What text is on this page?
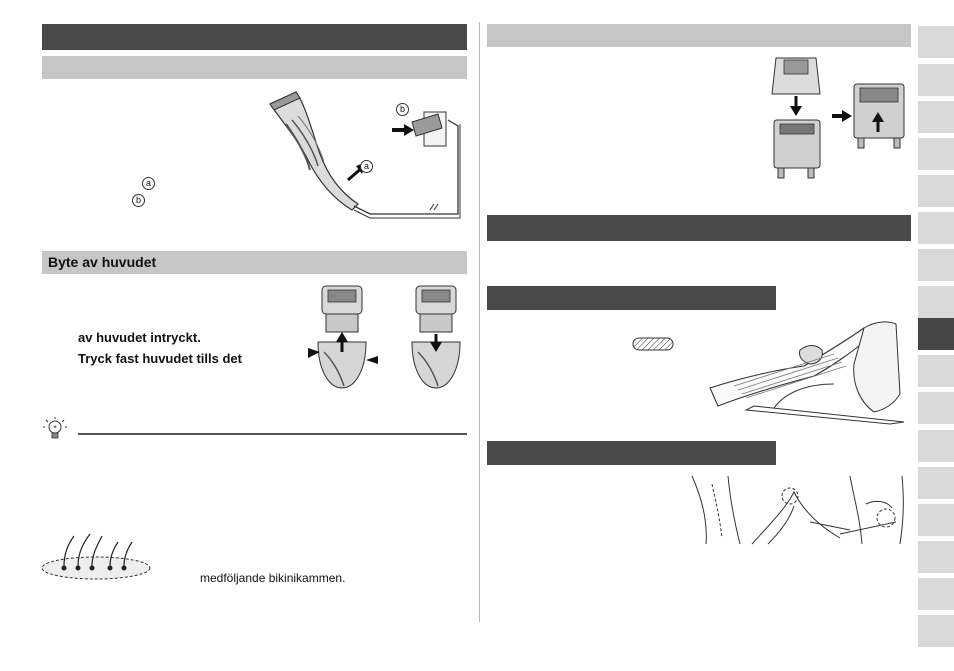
b
a
a
b
Byte av huvudet
av huvudet intryckt.
Tryck fast huvudet tills det
*
medföljande bikinikammen.
